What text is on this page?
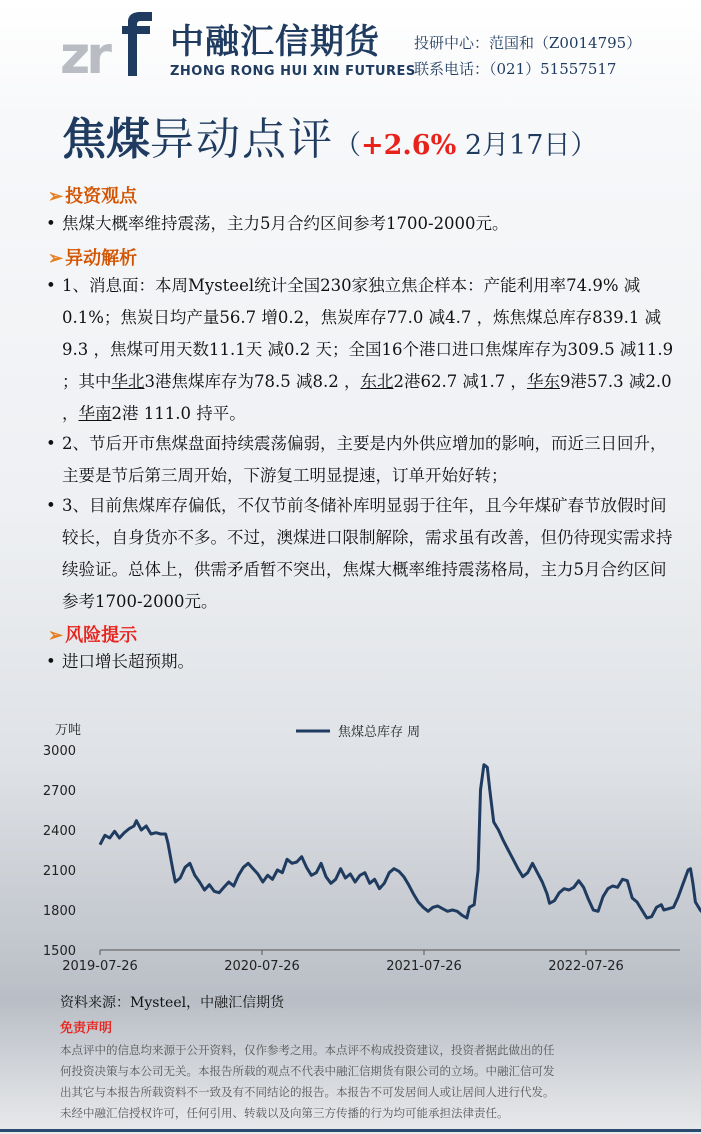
zr 中融汇信期货
ZHONG RONG HUI XIN FUTURES
投研中心：范国和（Z0014795）
联系电话：（021）51557517
焦煤异动点评（+2.6% 2月17日）
➢ 投资观点
• 焦煤大概率维持震荡，主力5月合约区间参考1700-2000元。
➢ 异动解析
• 1、消息面：本周Mysteel统计全国230家独立焦企样本：产能利用率74.9% 减0.1%；焦炭日均产量56.7 增0.2，焦炭库存77.0 减4.7 ，炼焦煤总库存839.1 减9.3 ，焦煤可用天数11.1天 减0.2 天；全国16个港口进口焦煤库存为309.5 减11.9 ；其中华北3港焦煤库存为78.5 减8.2 ，东北2港62.7 减1.7 ，华东9港57.3 减2.0 ，华南2港 111.0 持平。
• 2、节后开市焦煤盘面持续震荡偏弱，主要是内外供应增加的影响，而近三日回升，主要是节后第三周开始，下游复工明显提速，订单开始好转；
• 3、目前焦煤库存偏低，不仅节前冬储补库明显弱于往年，且今年煤矿春节放假时间较长，自身货亦不多。不过，澳煤进口限制解除，需求虽有改善，但仍待现实需求持续验证。总体上，供需矛盾暂不突出，焦煤大概率维持震荡格局，主力5月合约区间参考1700-2000元。
➢ 风险提示
• 进口增长超预期。
万吨
1500
1800
2100
2400
2700
3000
2019-07-26	2020-07-26	2021-07-26	2022-07-26
焦煤总库存 周
资料来源：Mysteel，中融汇信期货
免责声明
本点评中的信息均来源于公开资料，仅作参考之用。本点评不构成投资建议，投资者据此做出的任
何投资决策与本公司无关。本报告所载的观点不代表中融汇信期货有限公司的立场。中融汇信可发
出其它与本报告所载资料不一致及有不同结论的报告。本报告不可发居间人或让居间人进行代发。
未经中融汇信授权许可，任何引用、转载以及向第三方传播的行为均可能承担法律责任。
